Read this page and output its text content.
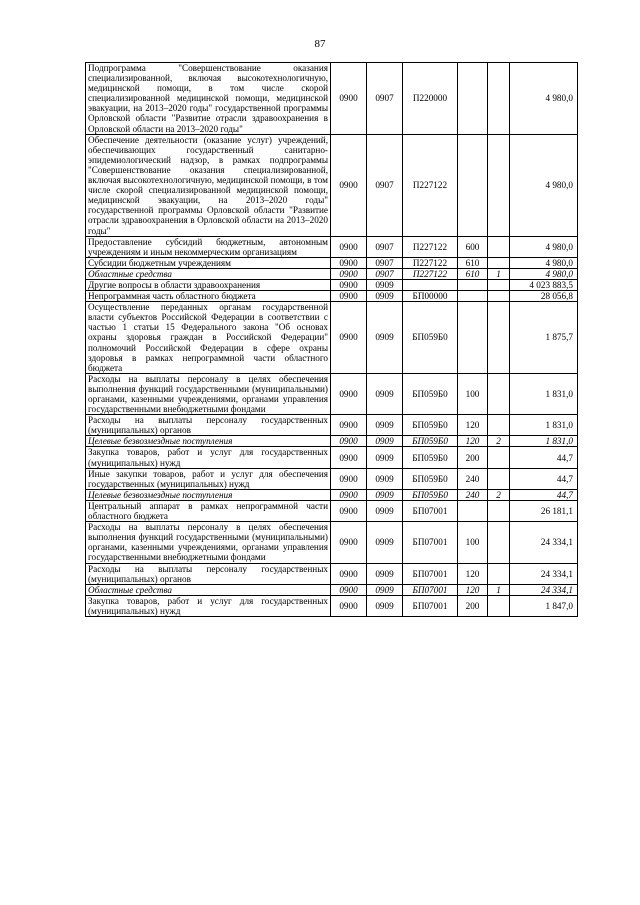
87
Подпрограмма "Совершенствование оказания специализированной, включая высокотехнологичную, медицинской помощи, в том числе скорой специализированной медицинской помощи, медицинской эвакуации, на 2013–2020 годы" государственной программы Орловской области "Развитие отрасли здравоохранения в Орловской области на 2013–2020 годы"	0900	0907	П220000			4 980,0
Обеспечение деятельности (оказание услуг) учреждений, обеспечивающих государственный санитарно-эпидемиологический надзор, в рамках подпрограммы "Совершенствование оказания специализированной, включая высокотехнологичную, медицинской помощи, в том числе скорой специализированной медицинской помощи, медицинской эвакуации, на 2013–2020 годы" государственной программы Орловской области "Развитие отрасли здравоохранения в Орловской области на 2013–2020 годы"	0900	0907	П227122			4 980,0
Предоставление субсидий бюджетным, автономным учреждениям и иным некоммерческим организациям	0900	0907	П227122	600		4 980,0
Субсидии бюджетным учреждениям	0900	0907	П227122	610		4 980,0
Областные средства	0900	0907	П227122	610	1	4 980,0
Другие вопросы в области здравоохранения	0900	0909				4 023 883,5
Непрограммная часть областного бюджета	0900	0909	БП00000			28 056,8
Осуществление переданных органам государственной власти субъектов Российской Федерации в соответствии с частью 1 статьи 15 Федерального закона "Об основах охраны здоровья граждан в Российской Федерации" полномочий Российской Федерации в сфере охраны здоровья в рамках непрограммной части областного бюджета	0900	0909	БП059Б0			1 875,7
Расходы на выплаты персоналу в целях обеспечения выполнения функций государственными (муниципальными) органами, казенными учреждениями, органами управления государственными внебюджетными фондами	0900	0909	БП059Б0	100		1 831,0
Расходы на выплаты персоналу государственных (муниципальных) органов	0900	0909	БП059Б0	120		1 831,0
Целевые безвозмездные поступления	0900	0909	БП059Б0	120	2	1 831,0
Закупка товаров, работ и услуг для государственных (муниципальных) нужд	0900	0909	БП059Б0	200		44,7
Иные закупки товаров, работ и услуг для обеспечения государственных (муниципальных) нужд	0900	0909	БП059Б0	240		44,7
Целевые безвозмездные поступления	0900	0909	БП059Б0	240	2	44,7
Центральный аппарат в рамках непрограммной части областного бюджета	0900	0909	БП07001			26 181,1
Расходы на выплаты персоналу в целях обеспечения выполнения функций государственными (муниципальными) органами, казенными учреждениями, органами управления государственными внебюджетными фондами	0900	0909	БП07001	100		24 334,1
Расходы на выплаты персоналу государственных (муниципальных) органов	0900	0909	БП07001	120		24 334,1
Областные средства	0900	0909	БП07001	120	1	24 334,1
Закупка товаров, работ и услуг для государственных (муниципальных) нужд	0900	0909	БП07001	200		1 847,0
